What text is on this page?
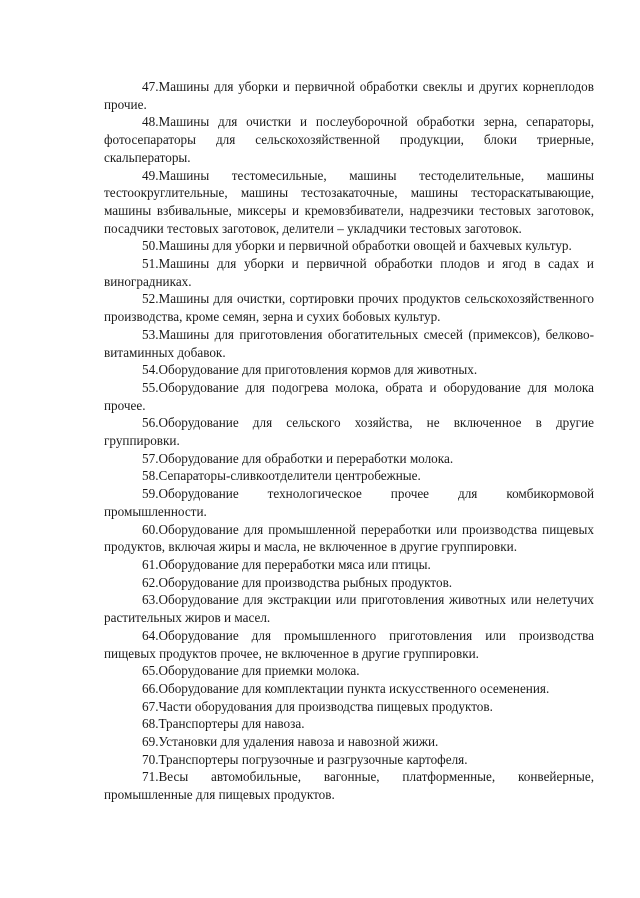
47.Машины для уборки и первичной обработки свеклы и других корнеплодов прочие.

48.Машины для очистки и послеуборочной обработки зерна, сепараторы, фотосепараторы для сельскохозяйственной продукции, блоки триерные, скальператоры.

49.Машины тестомесильные, машины тестоделительные, машины тестоокруглительные, машины тестозакаточные, машины тестораскатывающие, машины взбивальные, миксеры и кремовзбиватели, надрезчики тестовых заготовок, посадчики тестовых заготовок, делители – укладчики тестовых заготовок.

50.Машины для уборки и первичной обработки овощей и бахчевых культур.

51.Машины для уборки и первичной обработки плодов и ягод в садах и виноградниках.

52.Машины для очистки, сортировки прочих продуктов сельскохозяйственного производства, кроме семян, зерна и сухих бобовых культур.

53.Машины для приготовления обогатительных смесей (примексов), белково-витаминных добавок.

54.Оборудование для приготовления кормов для животных.

55.Оборудование для подогрева молока, обрата и оборудование для молока прочее.

56.Оборудование для сельского хозяйства, не включенное в другие группировки.

57.Оборудование для обработки и переработки молока.

58.Сепараторы-сливкоотделители центробежные.

59.Оборудование технологическое прочее для комбикормовой промышленности.

60.Оборудование для промышленной переработки или производства пищевых продуктов, включая жиры и масла, не включенное в другие группировки.

61.Оборудование для переработки мяса или птицы.

62.Оборудование для производства рыбных продуктов.

63.Оборудование для экстракции или приготовления животных или нелетучих растительных жиров и масел.

64.Оборудование для промышленного приготовления или производства пищевых продуктов прочее, не включенное в другие группировки.

65.Оборудование для приемки молока.

66.Оборудование для комплектации пункта искусственного осеменения.

67.Части оборудования для производства пищевых продуктов.

68.Транспортеры для навоза.

69.Установки для удаления навоза и навозной жижи.

70.Транспортеры погрузочные и разгрузочные картофеля.

71.Весы автомобильные, вагонные, платформенные, конвейерные, промышленные для пищевых продуктов.
